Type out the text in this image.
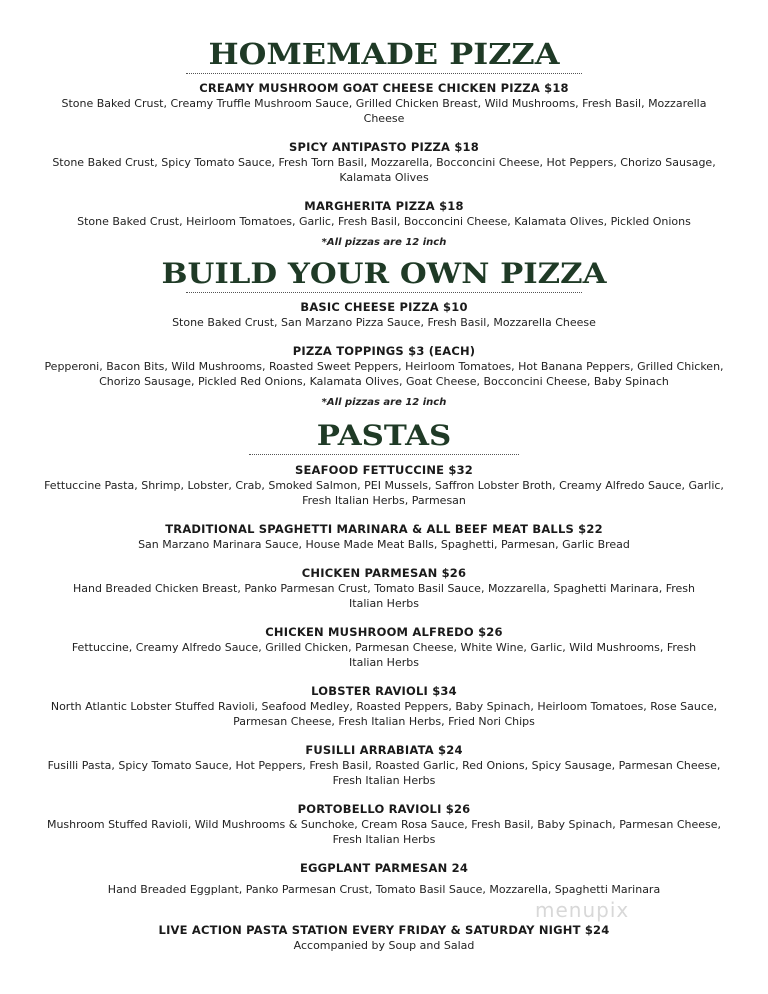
HOMEMADE PIZZA

CREAMY MUSHROOM GOAT CHEESE CHICKEN PIZZA $18

Stone Baked Crust, Creamy Truffle Mushroom Sauce, Grilled Chicken Breast, Wild Mushrooms, Fresh Basil, Mozzarella Cheese

SPICY ANTIPASTO PIZZA $18

Stone Baked Crust, Spicy Tomato Sauce, Fresh Torn Basil, Mozzarella, Bocconcini Cheese, Hot Peppers, Chorizo Sausage, Kalamata Olives

MARGHERITA PIZZA $18

Stone Baked Crust, Heirloom Tomatoes, Garlic, Fresh Basil, Bocconcini Cheese, Kalamata Olives, Pickled Onions

*All pizzas are 12 inch

BUILD YOUR OWN PIZZA

BASIC CHEESE PIZZA $10

Stone Baked Crust, San Marzano Pizza Sauce, Fresh Basil, Mozzarella Cheese

PIZZA TOPPINGS $3 (EACH)

Pepperoni, Bacon Bits, Wild Mushrooms, Roasted Sweet Peppers, Heirloom Tomatoes, Hot Banana Peppers, Grilled Chicken, Chorizo Sausage, Pickled Red Onions, Kalamata Olives, Goat Cheese, Bocconcini Cheese, Baby Spinach

*All pizzas are 12 inch

PASTAS

SEAFOOD FETTUCCINE $32

Fettuccine Pasta, Shrimp, Lobster, Crab, Smoked Salmon, PEI Mussels, Saffron Lobster Broth, Creamy Alfredo Sauce, Garlic, Fresh Italian Herbs, Parmesan

TRADITIONAL SPAGHETTI MARINARA & ALL BEEF MEAT BALLS $22

San Marzano Marinara Sauce, House Made Meat Balls, Spaghetti, Parmesan, Garlic Bread

CHICKEN PARMESAN $26

Hand Breaded Chicken Breast, Panko Parmesan Crust, Tomato Basil Sauce, Mozzarella, Spaghetti Marinara, Fresh Italian Herbs

CHICKEN MUSHROOM ALFREDO $26

Fettuccine, Creamy Alfredo Sauce, Grilled Chicken, Parmesan Cheese, White Wine, Garlic, Wild Mushrooms, Fresh Italian Herbs

LOBSTER RAVIOLI $34

North Atlantic Lobster Stuffed Ravioli, Seafood Medley, Roasted Peppers, Baby Spinach, Heirloom Tomatoes, Rose Sauce, Parmesan Cheese, Fresh Italian Herbs, Fried Nori Chips

FUSILLI ARRABIATA $24

Fusilli Pasta, Spicy Tomato Sauce, Hot Peppers, Fresh Basil, Roasted Garlic, Red Onions, Spicy Sausage, Parmesan Cheese, Fresh Italian Herbs

PORTOBELLO RAVIOLI $26

Mushroom Stuffed Ravioli, Wild Mushrooms & Sunchoke, Cream Rosa Sauce, Fresh Basil, Baby Spinach, Parmesan Cheese, Fresh Italian Herbs

EGGPLANT PARMESAN 24

Hand Breaded Eggplant, Panko Parmesan Crust, Tomato Basil Sauce, Mozzarella, Spaghetti Marinara

LIVE ACTION PASTA STATION EVERY FRIDAY & SATURDAY NIGHT $24

Accompanied by Soup and Salad

menupix
